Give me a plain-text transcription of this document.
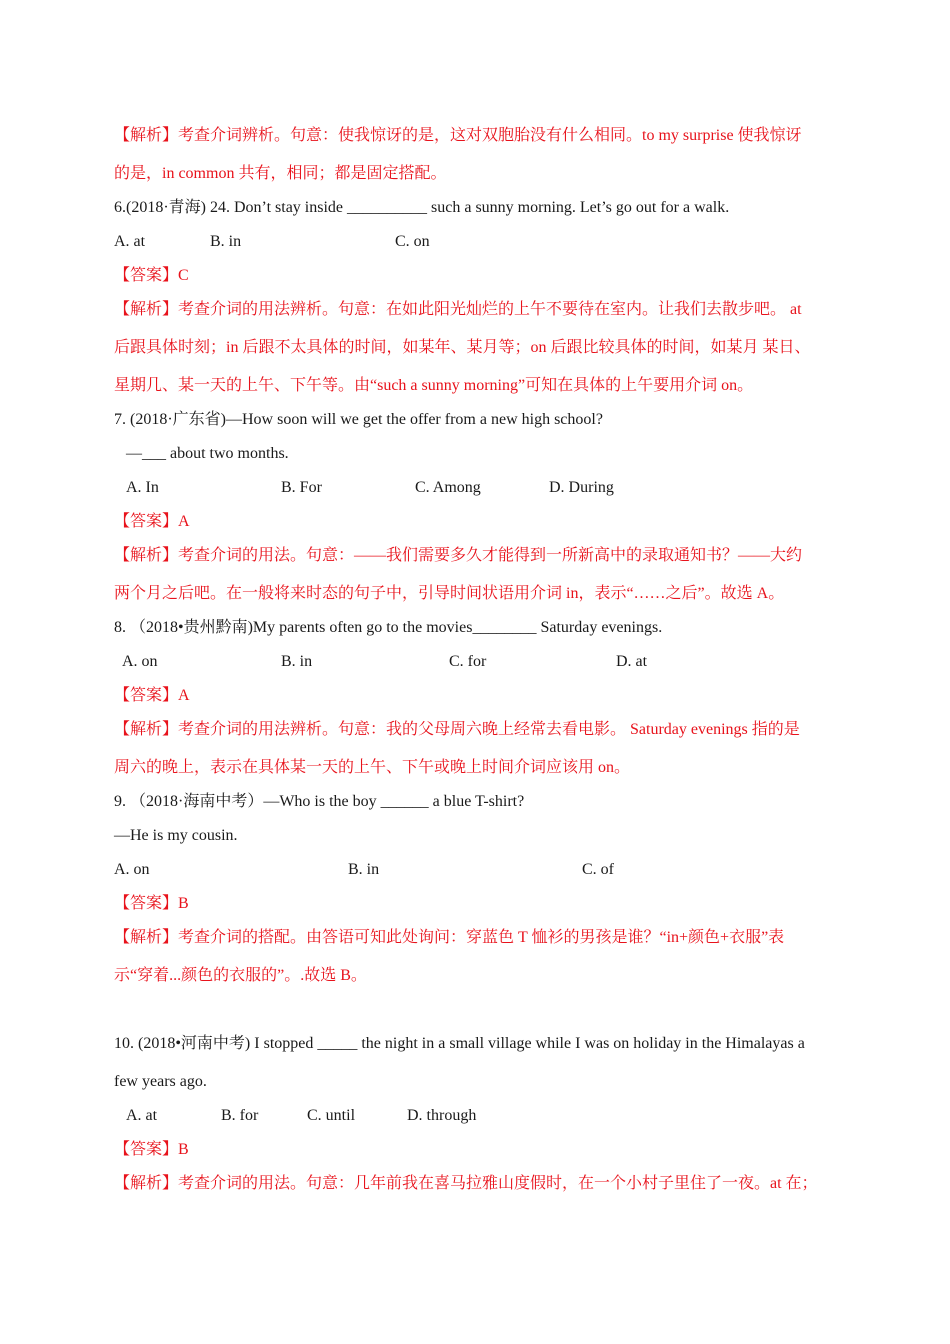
【解析】考查介词辨析。句意：使我惊讶的是，这对双胞胎没有什么相同。to my surprise 使我惊讶
的是，in common 共有，相同；都是固定搭配。
6.(2018·青海) 24. Don’t stay inside __________ such a sunny morning. Let’s go out for a walk.
A. at	B. in	C. on
【答案】C
【解析】考查介词的用法辨析。句意：在如此阳光灿烂的上午不要待在室内。让我们去散步吧。 at
后跟具体时刻；in 后跟不太具体的时间，如某年、某月等；on 后跟比较具体的时间，如某月 某日、
星期几、某一天的上午、下午等。由“such a sunny morning”可知在具体的上午要用介词 on。
7. (2018·广东省)—How soon will we get the offer from a new high school?
—___ about two months.
A. In	B. For	C. Among	D. During
【答案】A
【解析】考查介词的用法。句意：——我们需要多久才能得到一所新高中的录取通知书？——大约
两个月之后吧。在一般将来时态的句子中，引导时间状语用介词 in，表示“……之后”。故选 A。
8. （2018•贵州黔南)My parents often go to the movies________ Saturday evenings.
A. on	B. in	C. for	D. at
【答案】A
【解析】考查介词的用法辨析。句意：我的父母周六晚上经常去看电影。 Saturday evenings 指的是
周六的晚上，表示在具体某一天的上午、下午或晚上时间介词应该用 on。
9. （2018·海南中考）—Who is the boy ______ a blue T-shirt?
—He is my cousin.
A. on	B. in	C. of
【答案】B
【解析】考查介词的搭配。由答语可知此处询问：穿蓝色 T 恤衫的男孩是谁？“in+颜色+衣服”表
示“穿着...颜色的衣服的”。.故选 B。
10. (2018•河南中考) I stopped _____ the night in a small village while I was on holiday in the Himalayas a
few years ago.
A. at	B. for	C. until	D. through
【答案】B
【解析】考查介词的用法。句意：几年前我在喜马拉雅山度假时，在一个小村子里住了一夜。at 在；
